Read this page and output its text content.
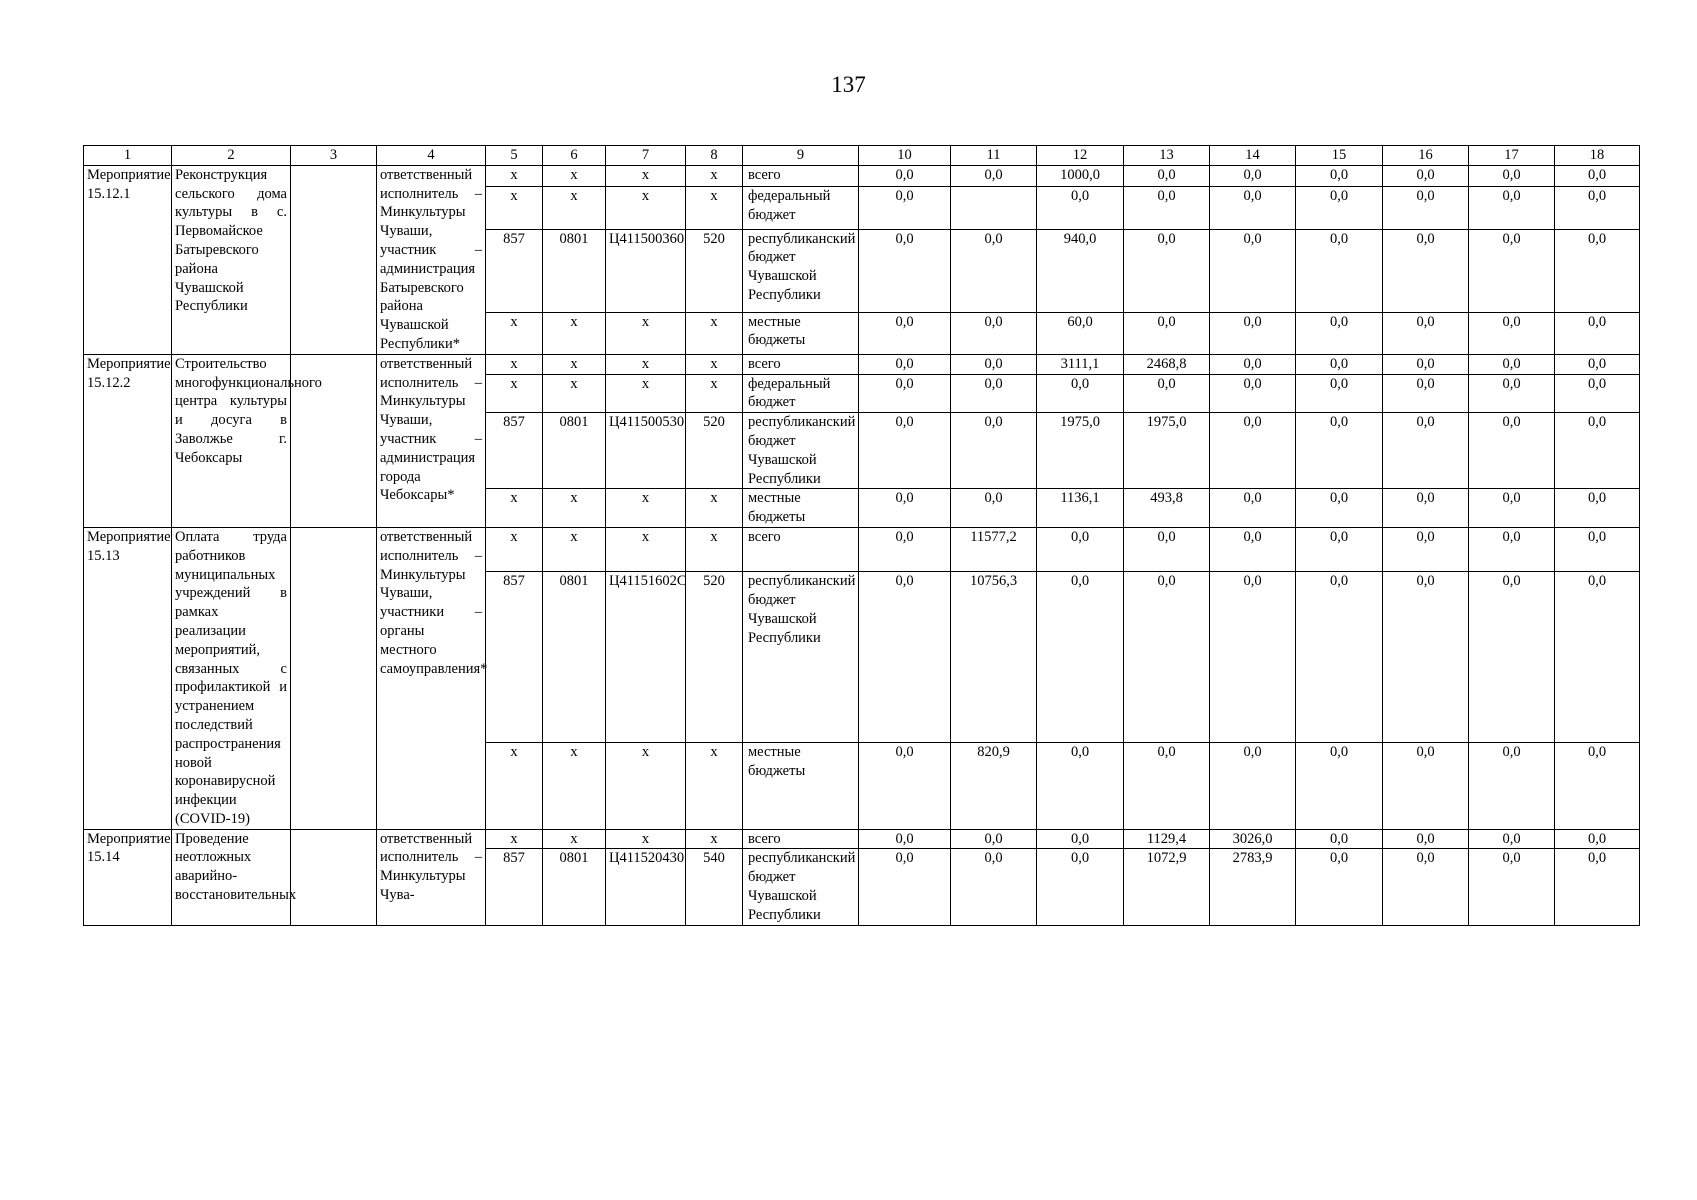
137
1	2	3	4	5	6	7	8	9	10	11	12	13	14	15	16	17	18
Мероприятие 15.12.1	Реконструкция сельского дома культуры в с. Первомайское Батыревского района Чувашской Республики		ответственный исполнитель – Минкультуры Чуваши, участник – администрация Батыревского района Чувашской Республики*	х	х	х	х	всего	0,0	0,0	1000,0	0,0	0,0	0,0	0,0	0,0	0,0
				х	х	х	х	федеральный бюджет	0,0		0,0	0,0	0,0	0,0	0,0	0,0	0,0
				857	0801	Ц411500360	520	республиканский бюджет Чувашской Республики	0,0	0,0	940,0	0,0	0,0	0,0	0,0	0,0	0,0
				х	х	х	х	местные бюджеты	0,0	0,0	60,0	0,0	0,0	0,0	0,0	0,0	0,0
Мероприятие 15.12.2	Строительство многофункционального центра культуры и досуга в Заволжье г. Чебоксары		ответственный исполнитель – Минкультуры Чуваши, участник – администрация города Чебоксары*	х	х	х	х	всего	0,0	0,0	3111,1	2468,8	0,0	0,0	0,0	0,0	0,0
				х	х	х	х	федеральный бюджет	0,0	0,0	0,0	0,0	0,0	0,0	0,0	0,0	0,0
				857	0801	Ц411500530	520	республиканский бюджет Чувашской Республики	0,0	0,0	1975,0	1975,0	0,0	0,0	0,0	0,0	0,0
				х	х	х	х	местные бюджеты	0,0	0,0	1136,1	493,8	0,0	0,0	0,0	0,0	0,0
Мероприятие 15.13	Оплата труда работников муниципальных учреждений в рамках реализации мероприятий, связанных с профилактикой и устранением последствий распространения новой коронавирусной инфекции (COVID-19)		ответственный исполнитель – Минкультуры Чуваши, участники – органы местного самоуправления*	х	х	х	х	всего	0,0	11577,2	0,0	0,0	0,0	0,0	0,0	0,0	0,0
				857	0801	Ц41151602С	520	республиканский бюджет Чувашской Республики	0,0	10756,3	0,0	0,0	0,0	0,0	0,0	0,0	0,0
				х	х	х	х	местные бюджеты	0,0	820,9	0,0	0,0	0,0	0,0	0,0	0,0	0,0
Мероприятие 15.14	Проведение неотложных аварийно-восстановительных		ответственный исполнитель – Минкультуры Чува-	х	х	х	х	всего	0,0	0,0	0,0	1129,4	3026,0	0,0	0,0	0,0	0,0
				857	0801	Ц411520430	540	республиканский бюджет Чувашской Республики	0,0	0,0	0,0	1072,9	2783,9	0,0	0,0	0,0	0,0
